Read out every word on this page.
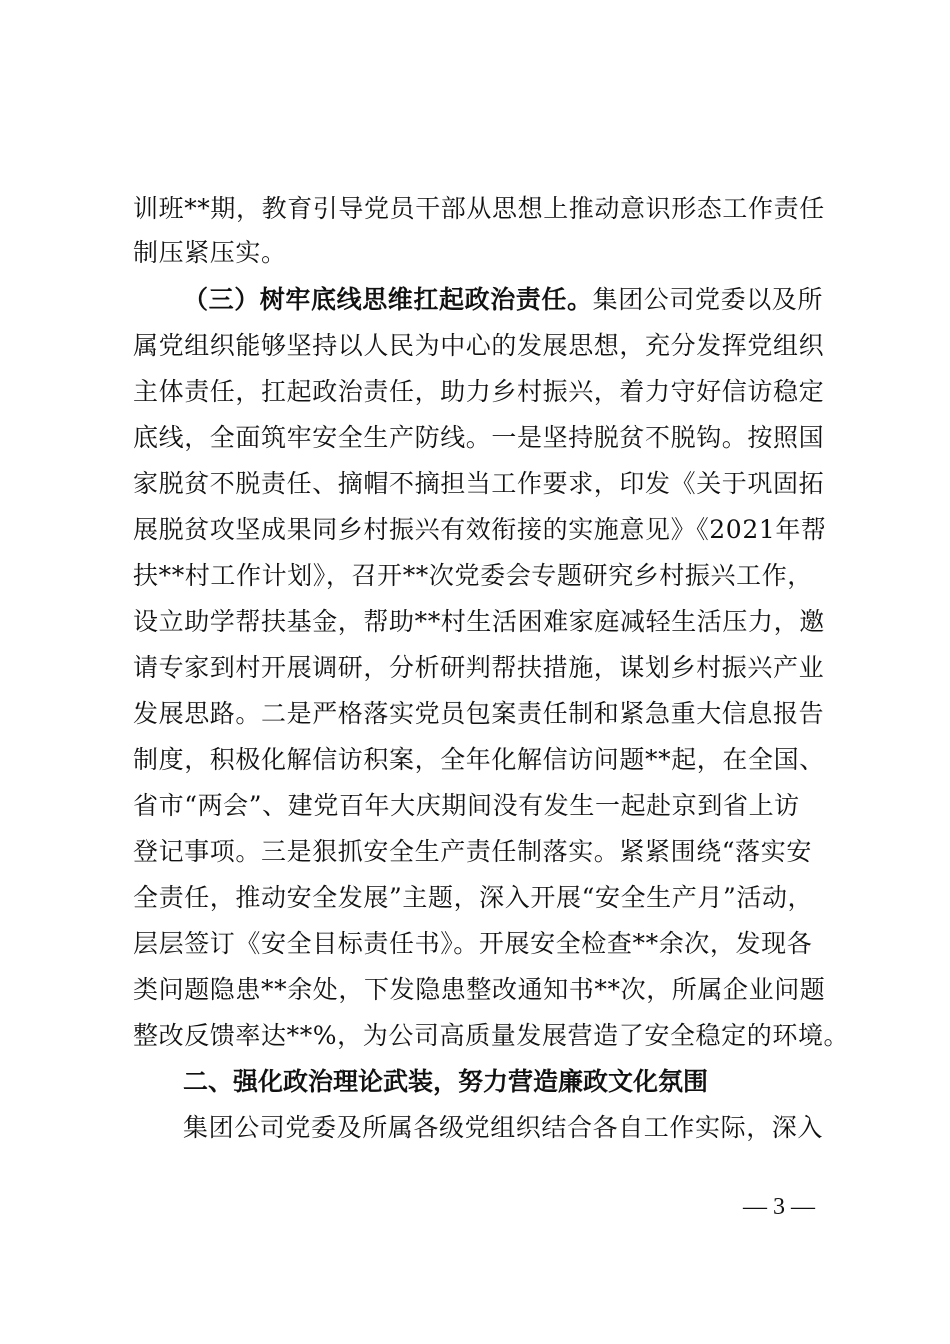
训班**期，教育引导党员干部从思想上推动意识形态工作责任
制压紧压实。
（三）树牢底线思维扛起政治责任。集团公司党委以及所
属党组织能够坚持以人民为中心的发展思想，充分发挥党组织
主体责任，扛起政治责任，助力乡村振兴，着力守好信访稳定
底线，全面筑牢安全生产防线。一是坚持脱贫不脱钩。按照国
家脱贫不脱责任、摘帽不摘担当工作要求，印发《关于巩固拓
展脱贫攻坚成果同乡村振兴有效衔接的实施意见》《2021年帮
扶**村工作计划》，召开**次党委会专题研究乡村振兴工作，
设立助学帮扶基金，帮助**村生活困难家庭减轻生活压力，邀
请专家到村开展调研，分析研判帮扶措施，谋划乡村振兴产业
发展思路。二是严格落实党员包案责任制和紧急重大信息报告
制度，积极化解信访积案，全年化解信访问题**起，在全国、
省市“两会”、建党百年大庆期间没有发生一起赴京到省上访
登记事项。三是狠抓安全生产责任制落实。紧紧围绕“落实安
全责任，推动安全发展”主题，深入开展“安全生产月”活动，
层层签订《安全目标责任书》。开展安全检查**余次，发现各
类问题隐患**余处，下发隐患整改通知书**次，所属企业问题
整改反馈率达**%，为公司高质量发展营造了安全稳定的环境。
二、强化政治理论武装，努力营造廉政文化氛围
集团公司党委及所属各级党组织结合各自工作实际，深入
— 3 —
